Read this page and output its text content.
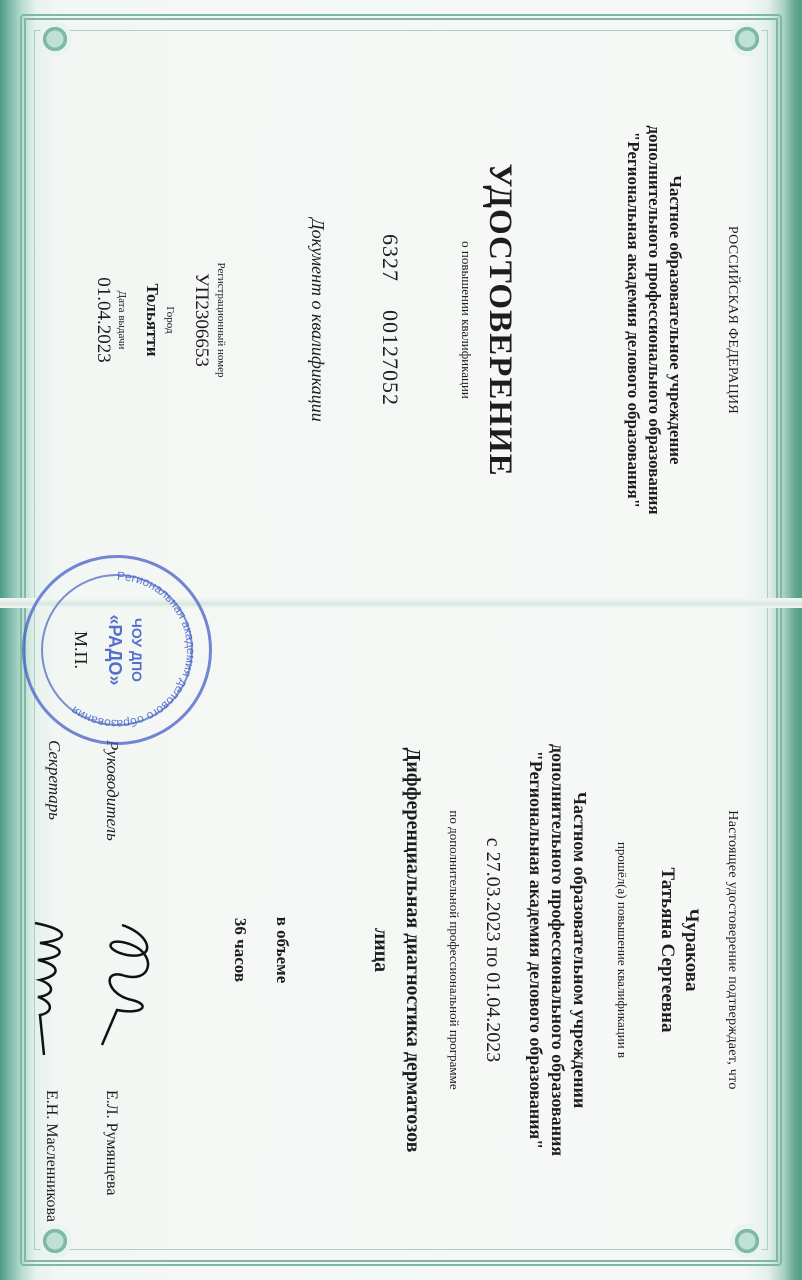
РОССИЙСКАЯ ФЕДЕРАЦИЯ
Частное образовательное учреждение
дополнительного профессионального образования
"Региональная академия делового образования"
УДОСТОВЕРЕНИЕ
о повышении квалификации
6327 00127052
Документ о квалификации
Регистрационный номер
УП2306653
Город
Тольятти
Дата выдачи
01.04.2023
Настоящее удостоверение подтверждает, что
Чуракова
Татьяна Сергеевна
прошёл(а) повышение квалификации в
Частном образовательном учреждении
дополнительного профессионального образования
"Региональная академия делового образования"
с 27.03.2023 по 01.04.2023
по дополнительной профессиональной программе
Дифференциальная диагностика дерматозов
лица
в объеме
36 часов
Руководитель
Е.Л. Румянцева
Секретарь
Е.Н. Масленникова
Региональная академия делового образования
ЧОУ ДПО
«РАДО»
М.П.
